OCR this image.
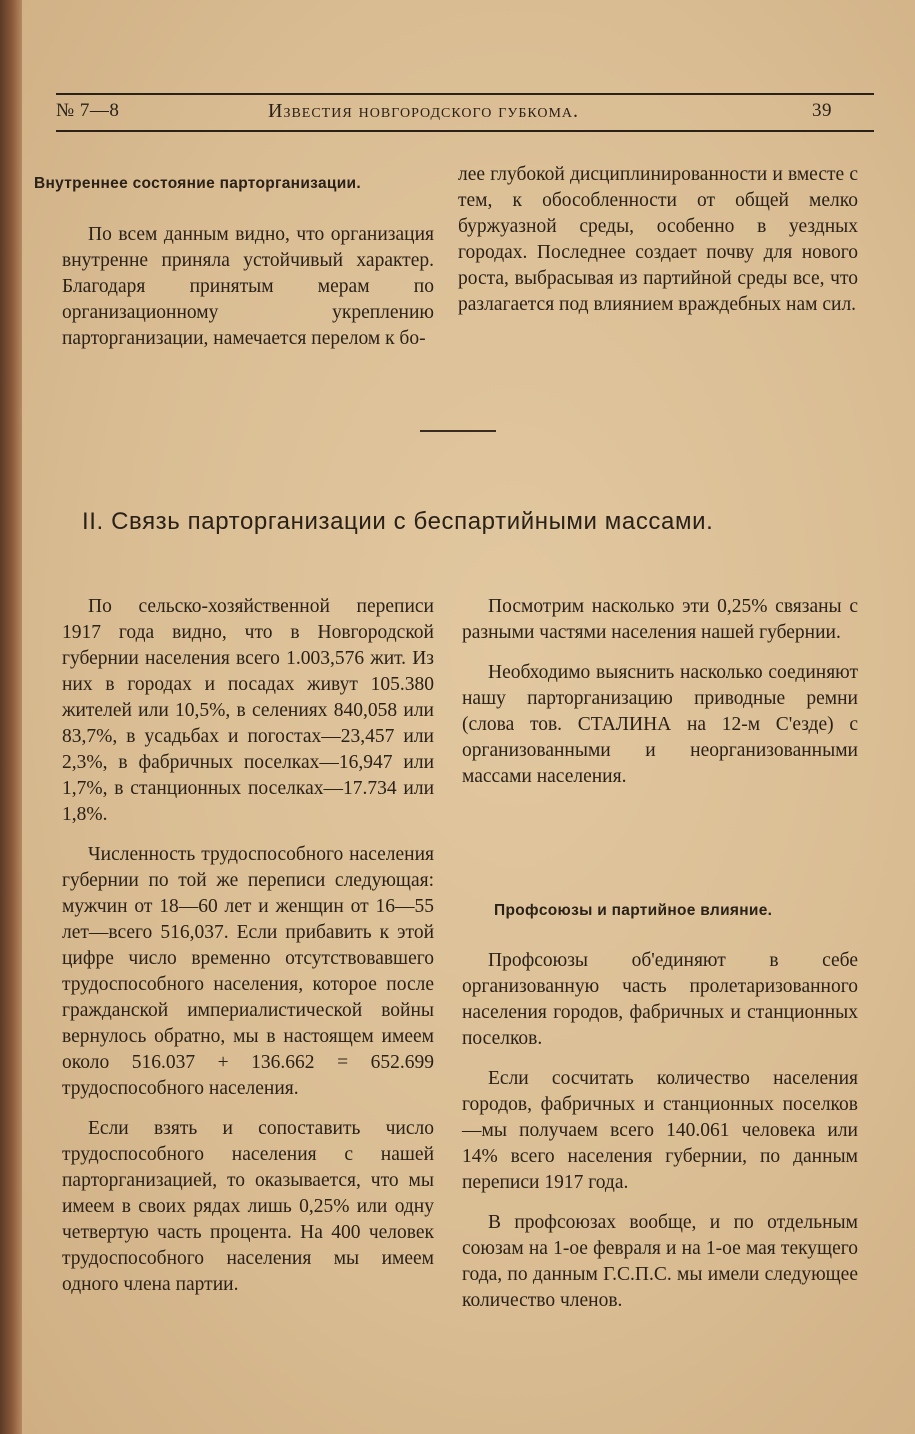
№ 7—8	Известия новгородского губкома.	39
Внутреннее состояние парторганизации.

По всем данным видно, что организация внутренне приняла устойчивый характер. Благодаря принятым мерам по организационному укреплению парторганизации, намечается перелом к бо-

лее глубокой дисциплинированности и вместе с тем, к обособленности от общей мелко буржуазной среды, особенно в уездных городах. Последнее создает почву для нового роста, выбрасывая из партийной среды все, что разлагается под влиянием враждебных нам сил.

II. Связь парторганизации с беспартийными массами.

По сельско-хозяйственной переписи 1917 года видно, что в Новгородской губернии населения всего 1.003,576 жит. Из них в городах и посадах живут 105.380 жителей или 10,5%, в селениях 840,058 или 83,7%, в усадьбах и погостах—23,457 или 2,3%, в фабричных поселках—16,947 или 1,7%, в станционных поселках—17.734 или 1,8%.

Численность трудоспособного населения губернии по той же переписи следующая: мужчин от 18—60 лет и женщин от 16—55 лет—всего 516,037. Если прибавить к этой цифре число временно отсутствовавшего трудоспособного населения, которое после гражданской империалистической войны вернулось обратно, мы в настоящем имеем около 516.037 + 136.662 = 652.699 трудоспособного населения.

Если взять и сопоставить число трудоспособного населения с нашей парторганизацией, то оказывается, что мы имеем в своих рядах лишь 0,25% или одну четвертую часть процента. На 400 человек трудоспособного населения мы имеем одного члена партии.

Посмотрим насколько эти 0,25% связаны с разными частями населения нашей губернии.

Необходимо выяснить насколько соединяют нашу парторганизацию приводные ремни (слова тов. СТАЛИНА на 12-м С'езде) с организованными и неорганизованными массами населения.

Профсоюзы и партийное влияние.

Профсоюзы об'единяют в себе организованную часть пролетаризованного населения городов, фабричных и станционных поселков.

Если сосчитать количество населения городов, фабричных и станционных поселков—мы получаем всего 140.061 человека или 14% всего населения губернии, по данным переписи 1917 года.

В профсоюзах вообще, и по отдельным союзам на 1-ое февраля и на 1-ое мая текущего года, по данным Г.С.П.С. мы имели следующее количество членов.
